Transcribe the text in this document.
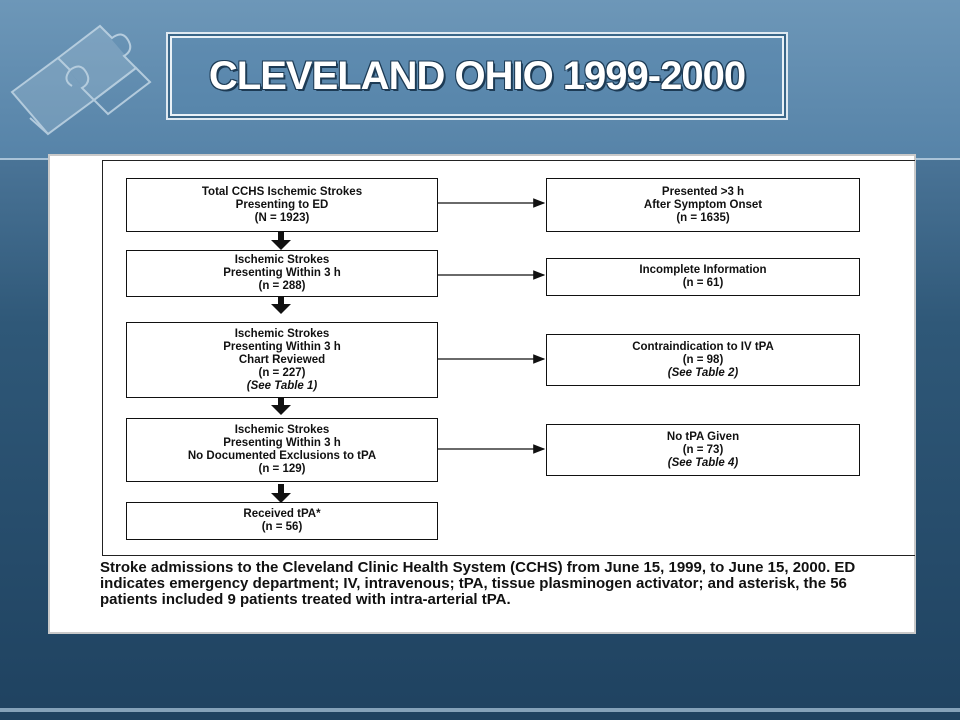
CLEVELAND OHIO 1999-2000
Total CCHS Ischemic Strokes
Presenting to ED
(N = 1923)
Ischemic Strokes
Presenting Within 3 h
(n = 288)
Ischemic Strokes
Presenting Within 3 h
Chart Reviewed
(n = 227)
(See Table 1)
Ischemic Strokes
Presenting Within 3 h
No Documented Exclusions to tPA
(n = 129)
Received tPA*
(n = 56)
Presented >3 h
After Symptom Onset
(n = 1635)
Incomplete Information
(n = 61)
Contraindication to IV tPA
(n = 98)
(See Table 2)
No tPA Given
(n = 73)
(See Table 4)
Stroke admissions to the Cleveland Clinic Health System (CCHS) from June 15, 1999, to June 15, 2000. ED indicates emergency department; IV, intravenous; tPA, tissue plasminogen activator; and asterisk, the 56 patients included 9 patients treated with intra-arterial tPA.
